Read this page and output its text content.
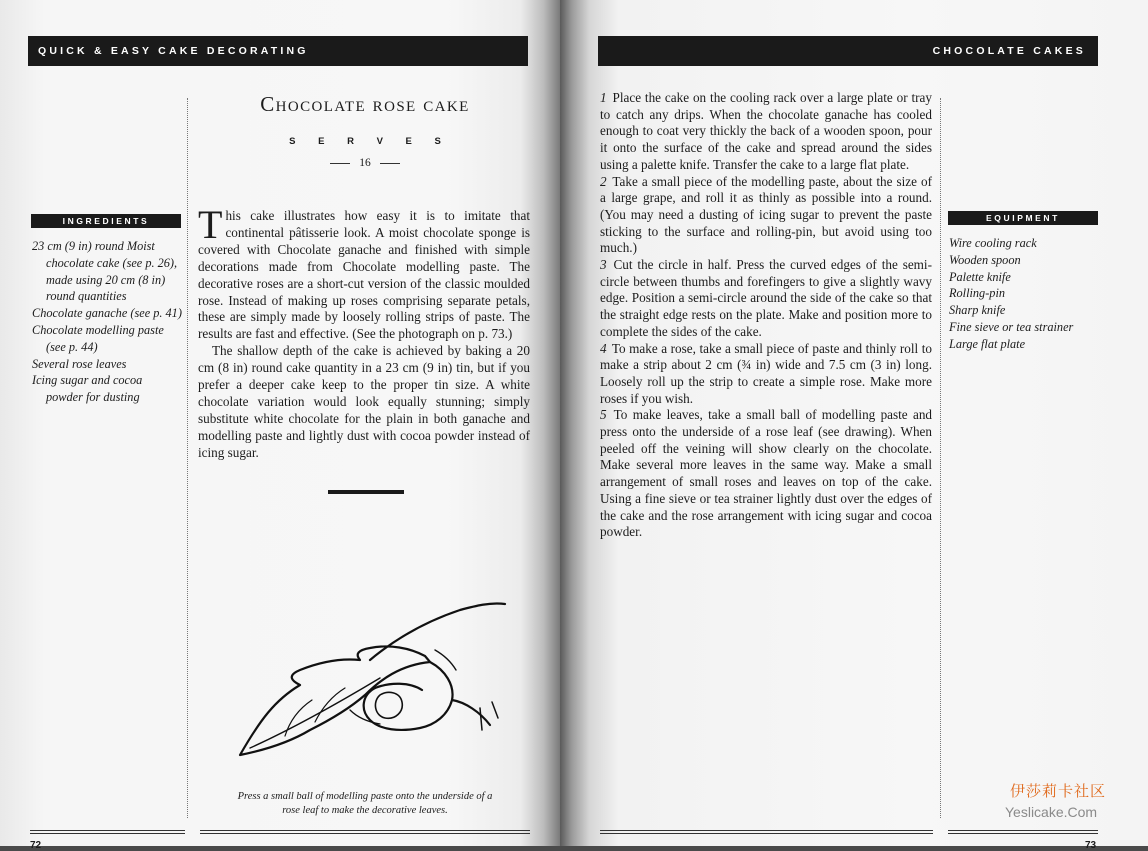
QUICK & EASY CAKE DECORATING
INGREDIENTS
23 cm (9 in) round Moist chocolate cake (see p. 26), made using 20 cm (8 in) round quantities
Chocolate ganache (see p. 41)
Chocolate modelling paste (see p. 44)
Several rose leaves
Icing sugar and cocoa powder for dusting
Chocolate rose cake
S E R V E S
16

This cake illustrates how easy it is to imitate that continental pâtisserie look. A moist chocolate sponge is covered with Chocolate ganache and finished with simple decorations made from Chocolate modelling paste. The decorative roses are a short-cut version of the classic moulded rose. Instead of making up roses comprising separate petals, these are simply made by loosely rolling strips of paste. The results are fast and effective. (See the photograph on p. 73.)

The shallow depth of the cake is achieved by baking a 20 cm (8 in) round cake quantity in a 23 cm (9 in) tin, but if you prefer a deeper cake keep to the proper tin size. A white chocolate variation would look equally stunning; simply substitute white chocolate for the plain in both ganache and modelling paste and lightly dust with cocoa powder instead of icing sugar.

Press a small ball of modelling paste onto the underside of a rose leaf to make the decorative leaves.
72
CHOCOLATE CAKES

1 Place the cake on the cooling rack over a large plate or tray to catch any drips. When the chocolate ganache has cooled enough to coat very thickly the back of a wooden spoon, pour it onto the surface of the cake and spread around the sides using a palette knife. Transfer the cake to a large flat plate.

2 Take a small piece of the modelling paste, about the size of a large grape, and roll it as thinly as possible into a round. (You may need a dusting of icing sugar to prevent the paste sticking to the surface and rolling-pin, but avoid using too much.)

3 Cut the circle in half. Press the curved edges of the semi-circle between thumbs and forefingers to give a slightly wavy edge. Position a semi-circle around the side of the cake so that the straight edge rests on the plate. Make and position more to complete the sides of the cake.

4 To make a rose, take a small piece of paste and thinly roll to make a strip about 2 cm (¾ in) wide and 7.5 cm (3 in) long. Loosely roll up the strip to create a simple rose. Make more roses if you wish.

5 To make leaves, take a small ball of modelling paste and press onto the underside of a rose leaf (see drawing). When peeled off the veining will show clearly on the chocolate. Make several more leaves in the same way. Make a small arrangement of small roses and leaves on top of the cake. Using a fine sieve or tea strainer lightly dust over the edges of the cake and the rose arrangement with icing sugar and cocoa powder.

EQUIPMENT
Wire cooling rack
Wooden spoon
Palette knife
Rolling-pin
Sharp knife
Fine sieve or tea strainer
Large flat plate
伊莎莉卡社区
Yeslicake.Com
73
